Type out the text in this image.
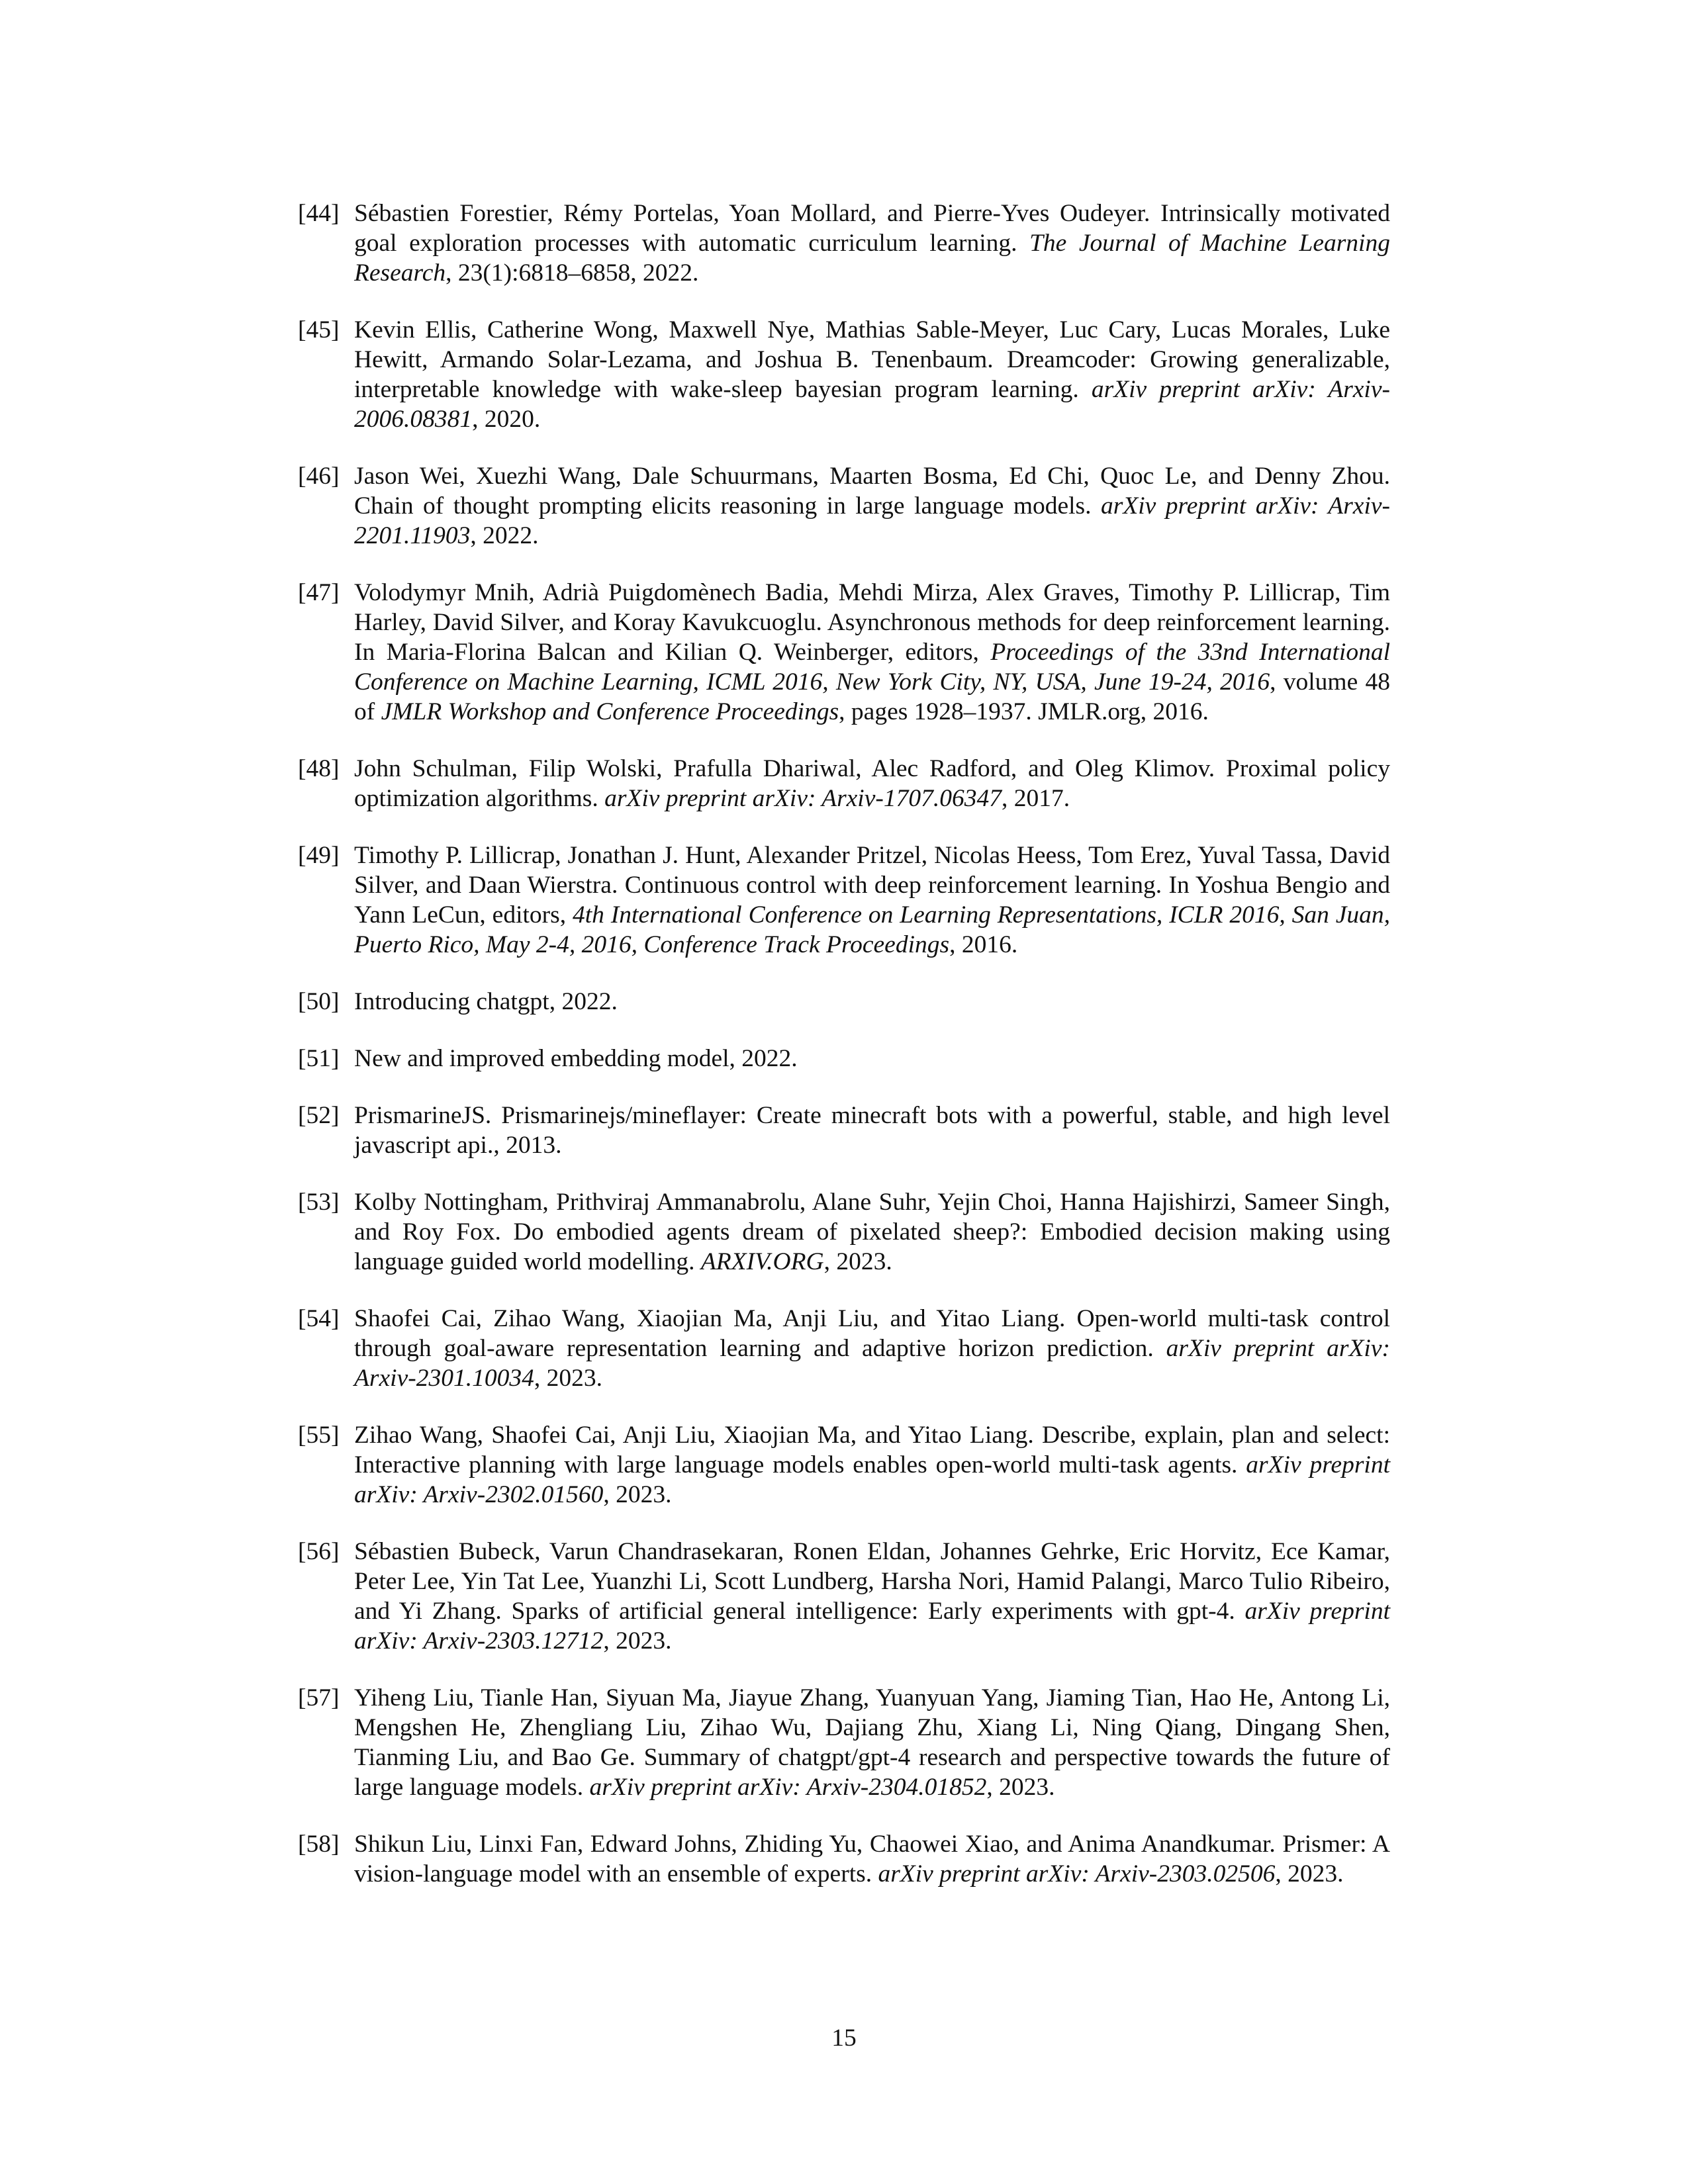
[44] Sébastien Forestier, Rémy Portelas, Yoan Mollard, and Pierre-Yves Oudeyer. Intrinsically motivated goal exploration processes with automatic curriculum learning. The Journal of Machine Learning Research, 23(1):6818–6858, 2022.
[45] Kevin Ellis, Catherine Wong, Maxwell Nye, Mathias Sable-Meyer, Luc Cary, Lucas Morales, Luke Hewitt, Armando Solar-Lezama, and Joshua B. Tenenbaum. Dreamcoder: Growing generalizable, interpretable knowledge with wake-sleep bayesian program learning. arXiv preprint arXiv: Arxiv-2006.08381, 2020.
[46] Jason Wei, Xuezhi Wang, Dale Schuurmans, Maarten Bosma, Ed Chi, Quoc Le, and Denny Zhou. Chain of thought prompting elicits reasoning in large language models. arXiv preprint arXiv: Arxiv-2201.11903, 2022.
[47] Volodymyr Mnih, Adrià Puigdomènech Badia, Mehdi Mirza, Alex Graves, Timothy P. Lillicrap, Tim Harley, David Silver, and Koray Kavukcuoglu. Asynchronous methods for deep reinforcement learning. In Maria-Florina Balcan and Kilian Q. Weinberger, editors, Proceedings of the 33nd International Conference on Machine Learning, ICML 2016, New York City, NY, USA, June 19-24, 2016, volume 48 of JMLR Workshop and Conference Proceedings, pages 1928–1937. JMLR.org, 2016.
[48] John Schulman, Filip Wolski, Prafulla Dhariwal, Alec Radford, and Oleg Klimov. Proximal policy optimization algorithms. arXiv preprint arXiv: Arxiv-1707.06347, 2017.
[49] Timothy P. Lillicrap, Jonathan J. Hunt, Alexander Pritzel, Nicolas Heess, Tom Erez, Yuval Tassa, David Silver, and Daan Wierstra. Continuous control with deep reinforcement learning. In Yoshua Bengio and Yann LeCun, editors, 4th International Conference on Learning Representations, ICLR 2016, San Juan, Puerto Rico, May 2-4, 2016, Conference Track Proceedings, 2016.
[50] Introducing chatgpt, 2022.
[51] New and improved embedding model, 2022.
[52] PrismarineJS. Prismarinejs/mineflayer: Create minecraft bots with a powerful, stable, and high level javascript api., 2013.
[53] Kolby Nottingham, Prithviraj Ammanabrolu, Alane Suhr, Yejin Choi, Hanna Hajishirzi, Sameer Singh, and Roy Fox. Do embodied agents dream of pixelated sheep?: Embodied decision making using language guided world modelling. ARXIV.ORG, 2023.
[54] Shaofei Cai, Zihao Wang, Xiaojian Ma, Anji Liu, and Yitao Liang. Open-world multi-task control through goal-aware representation learning and adaptive horizon prediction. arXiv preprint arXiv: Arxiv-2301.10034, 2023.
[55] Zihao Wang, Shaofei Cai, Anji Liu, Xiaojian Ma, and Yitao Liang. Describe, explain, plan and select: Interactive planning with large language models enables open-world multi-task agents. arXiv preprint arXiv: Arxiv-2302.01560, 2023.
[56] Sébastien Bubeck, Varun Chandrasekaran, Ronen Eldan, Johannes Gehrke, Eric Horvitz, Ece Kamar, Peter Lee, Yin Tat Lee, Yuanzhi Li, Scott Lundberg, Harsha Nori, Hamid Palangi, Marco Tulio Ribeiro, and Yi Zhang. Sparks of artificial general intelligence: Early experiments with gpt-4. arXiv preprint arXiv: Arxiv-2303.12712, 2023.
[57] Yiheng Liu, Tianle Han, Siyuan Ma, Jiayue Zhang, Yuanyuan Yang, Jiaming Tian, Hao He, Antong Li, Mengshen He, Zhengliang Liu, Zihao Wu, Dajiang Zhu, Xiang Li, Ning Qiang, Dingang Shen, Tianming Liu, and Bao Ge. Summary of chatgpt/gpt-4 research and perspective towards the future of large language models. arXiv preprint arXiv: Arxiv-2304.01852, 2023.
[58] Shikun Liu, Linxi Fan, Edward Johns, Zhiding Yu, Chaowei Xiao, and Anima Anandkumar. Prismer: A vision-language model with an ensemble of experts. arXiv preprint arXiv: Arxiv-2303.02506, 2023.
15
